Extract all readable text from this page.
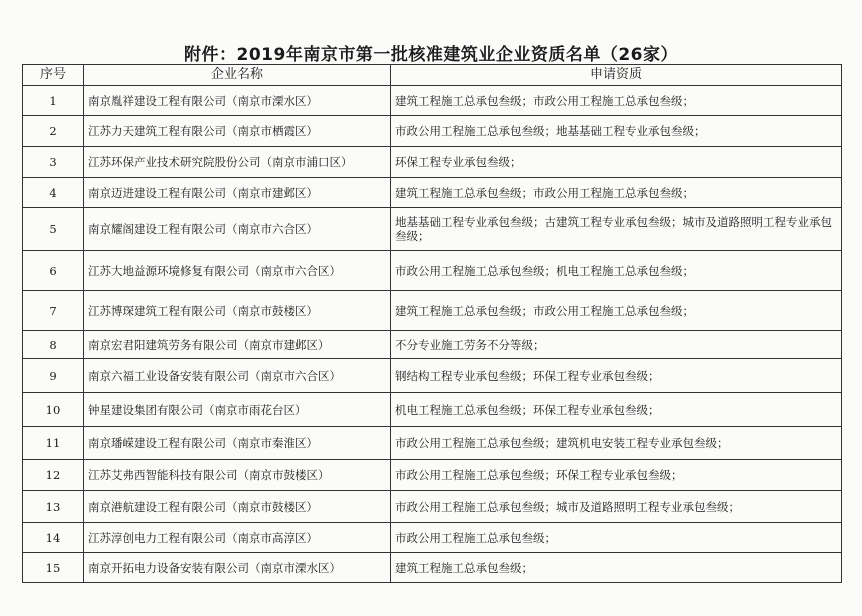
附件：2019年南京市第一批核准建筑业企业资质名单（26家）
序号	企业名称	申请资质
1	南京胤祥建设工程有限公司（南京市溧水区）	建筑工程施工总承包叁级；市政公用工程施工总承包叁级；
2	江苏力天建筑工程有限公司（南京市栖霞区）	市政公用工程施工总承包叁级；地基基础工程专业承包叁级；
3	江苏环保产业技术研究院股份公司（南京市浦口区）	环保工程专业承包叁级；
4	南京迈进建设工程有限公司（南京市建邺区）	建筑工程施工总承包叁级；市政公用工程施工总承包叁级；
5	南京耀阁建设工程有限公司（南京市六合区）	地基基础工程专业承包叁级；古建筑工程专业承包叁级；城市及道路照明工程专业承包叁级；
6	江苏大地益源环境修复有限公司（南京市六合区）	市政公用工程施工总承包叁级；机电工程施工总承包叁级；
7	江苏博琛建筑工程有限公司（南京市鼓楼区）	建筑工程施工总承包叁级；市政公用工程施工总承包叁级；
8	南京宏君阳建筑劳务有限公司（南京市建邺区）	不分专业施工劳务不分等级；
9	南京六福工业设备安装有限公司（南京市六合区）	钢结构工程专业承包叁级；环保工程专业承包叁级；
10	钟星建设集团有限公司（南京市雨花台区）	机电工程施工总承包叁级；环保工程专业承包叁级；
11	南京璠嵘建设工程有限公司（南京市秦淮区）	市政公用工程施工总承包叁级；建筑机电安装工程专业承包叁级；
12	江苏艾弗西智能科技有限公司（南京市鼓楼区）	市政公用工程施工总承包叁级；环保工程专业承包叁级；
13	南京港航建设工程有限公司（南京市鼓楼区）	市政公用工程施工总承包叁级；城市及道路照明工程专业承包叁级；
14	江苏淳创电力工程有限公司（南京市高淳区）	市政公用工程施工总承包叁级；
15	南京开拓电力设备安装有限公司（南京市溧水区）	建筑工程施工总承包叁级；
